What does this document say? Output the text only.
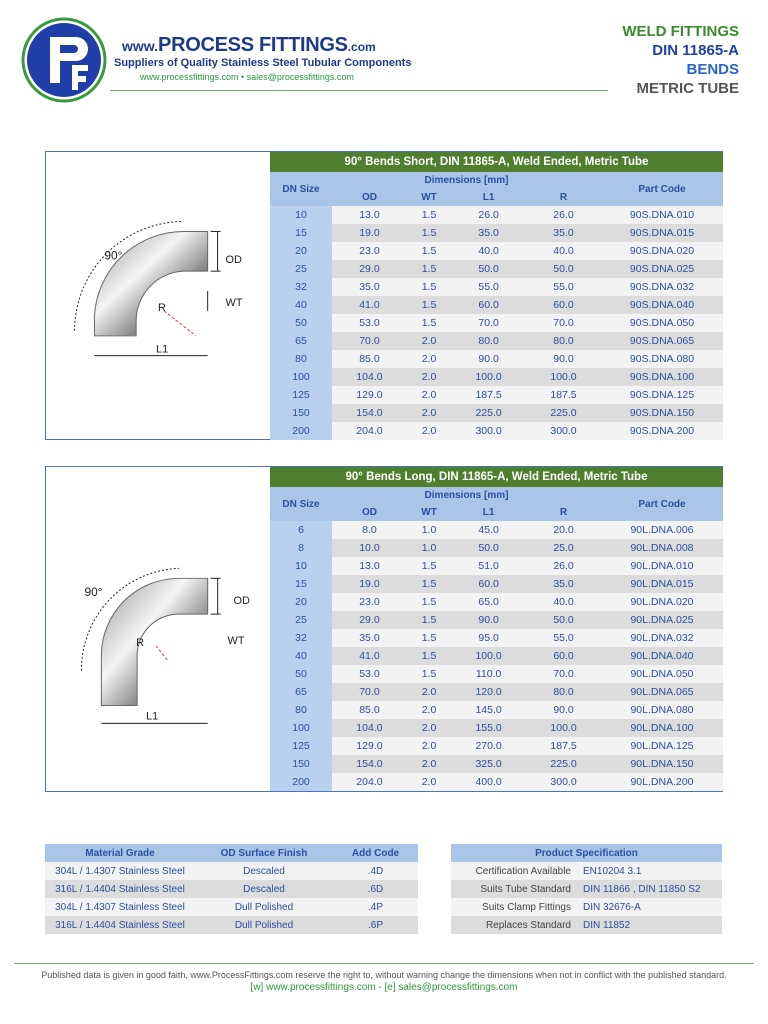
www.PROCESS FITTINGS.com
Suppliers of Quality Stainless Steel Tubular Components
www.processfittings.com • sales@processfittings.com
WELD FITTINGS
DIN 11865-A
BENDS
METRIC TUBE
90°	OD
WT
R
L1
90° Bends Short, DIN 11865-A, Weld Ended, Metric Tube					
DN Size	Dimensions [mm]				Part Code
	OD	WT	L1	R	
10	13.0	1.5	26.0	26.0	90S.DNA.010
15	19.0	1.5	35.0	35.0	90S.DNA.015
20	23.0	1.5	40.0	40.0	90S.DNA.020
25	29.0	1.5	50.0	50.0	90S.DNA.025
32	35.0	1.5	55.0	55.0	90S.DNA.032
40	41.0	1.5	60.0	60.0	90S.DNA.040
50	53.0	1.5	70.0	70.0	90S.DNA.050
65	70.0	2.0	80.0	80.0	90S.DNA.065
80	85.0	2.0	90.0	90.0	90S.DNA.080
100	104.0	2.0	100.0	100.0	90S.DNA.100
125	129.0	2.0	187.5	187.5	90S.DNA.125
150	154.0	2.0	225.0	225.0	90S.DNA.150
200	204.0	2.0	300.0	300.0	90S.DNA.200
90°
OD
WT
R
L1
90° Bends Long, DIN 11865-A, Weld Ended, Metric Tube					
DN Size	Dimensions [mm]				Part Code
	OD	WT	L1	R	
6	8.0	1.0	45.0	20.0	90L.DNA.006
8	10.0	1.0	50.0	25.0	90L.DNA.008
10	13.0	1.5	51.0	26.0	90L.DNA.010
15	19.0	1.5	60.0	35.0	90L.DNA.015
20	23.0	1.5	65.0	40.0	90L.DNA.020
25	29.0	1.5	90.0	50.0	90L.DNA.025
32	35.0	1.5	95.0	55.0	90L.DNA.032
40	41.0	1.5	100.0	60.0	90L.DNA.040
50	53.0	1.5	110.0	70.0	90L.DNA.050
65	70.0	2.0	120.0	80.0	90L.DNA.065
80	85.0	2.0	145.0	90.0	90L.DNA.080
100	104.0	2.0	155.0	100.0	90L.DNA.100
125	129.0	2.0	270.0	187.5	90L.DNA.125
150	154.0	2.0	325.0	225.0	90L.DNA.150
200	204.0	2.0	400.0	300.0	90L.DNA.200
Material Grade	OD Surface Finish	Add Code
304L / 1.4307 Stainless Steel	Descaled	.4D
316L / 1.4404 Stainless Steel	Descaled	.6D
304L / 1.4307 Stainless Steel	Dull Polished	.4P
316L / 1.4404 Stainless Steel	Dull Polished	.6P
Product Specification	
Certification Available	EN10204 3.1
Suits Tube Standard	DIN 11866 , DIN 11850 S2
Suits Clamp Fittings	DIN 32676-A
Replaces Standard	DIN 11852
Published data is given in good faith, www.ProcessFittings.com reserve the right to, without warning change the dimensions when not in conflict with the published standard.
[w] www.processfittings.com - [e] sales@processfittings.com
